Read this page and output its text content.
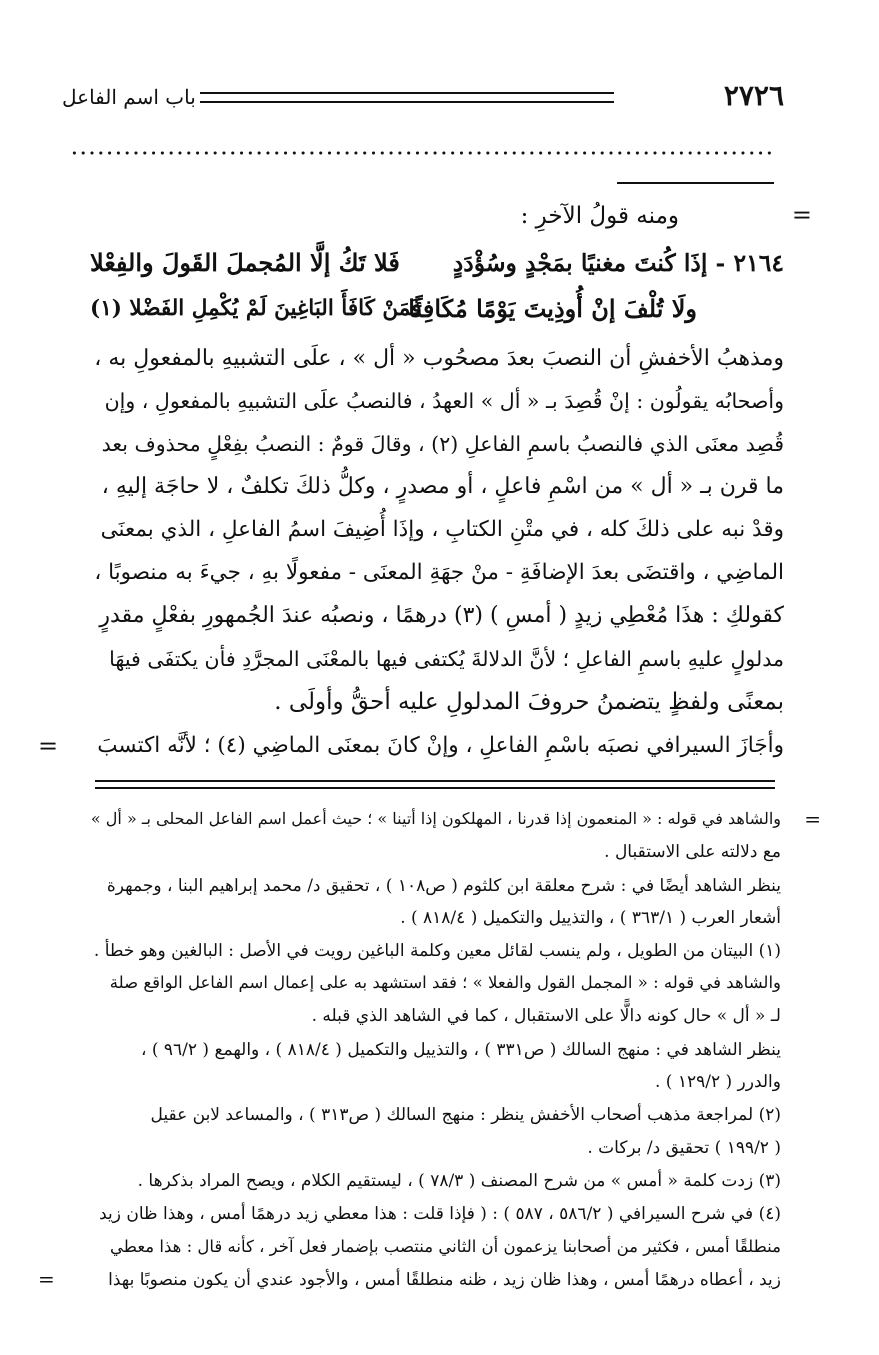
٢٧٢٦
باب اسم الفاعل
=
ومنه قولُ الآخرِ :
٢١٦٤ - إذَا كُنتَ مغنيًا بمَجْدٍ وسُؤْدَدٍ
فَلا تَكُ إلَّا المُجملَ القَولَ والفِعْلا
ولَا تُلْفَ إنْ أُوذِيتَ يَوْمًا مُكَافِئًا
فَمَنْ كَافَأَ البَاغِينَ لَمْ يُكْمِلِ الفَضْلا (١)
ومذهبُ الأخفشِ أن النصبَ بعدَ مصحُوب « أل » ، علَى التشبيهِ بالمفعولِ به ،
وأصحابُه يقولُون : إنْ قُصِدَ بـ « أل » العهدُ ، فالنصبُ علَى التشبيهِ بالمفعولِ ، وإن
قُصِد معنَى الذي فالنصبُ باسمِ الفاعلِ (٢) ، وقالَ قومٌ : النصبُ بفِعْلٍ محذوف بعد
ما قرن بـ « أل » من اسْمِ فاعلٍ ، أو مصدرٍ ، وكلُّ ذلكَ تكلفٌ ، لا حاجَة إليهِ ،
وقدْ نبه على ذلكَ كله ، في متْنِ الكتابِ ، وإذَا أُضِيفَ اسمُ الفاعلِ ، الذي بمعنَى
الماضِي ، واقتضَى بعدَ الإضافَةِ - منْ جهَةِ المعنَى - مفعولًا بهِ ، جيءَ به منصوبًا ،
كقولكِ : هذَا مُعْطِي زيدٍ ( أمسِ ) (٣) درهمًا ، ونصبُه عندَ الجُمهورِ بفعْلٍ مقدرٍ
مدلولٍ عليهِ باسمِ الفاعلِ ؛ لأنَّ الدلالةَ يُكتفى فيها بالمعْنَى المجرَّدِ فأن يكتفَى فيهَا
بمعنًى ولفظٍ يتضمنُ حروفَ المدلولِ عليه أحقُّ وأولَى .
وأجَازَ السيرافي نصبَه باسْمِ الفاعلِ ، وإنْ كانَ بمعنَى الماضِي (٤) ؛ لأنَّه اكتسبَ
=
=
والشاهد في قوله : « المنعمون إذا قدرنا ، المهلكون إذا أتينا » ؛ حيث أعمل اسم الفاعل المحلى بـ « أل »
مع دلالته على الاستقبال .
ينظر الشاهد أيضًا في : شرح معلقة ابن كلثوم ( ص١٠٨ ) ، تحقيق د/ محمد إبراهيم البنا ، وجمهرة
أشعار العرب ( ٣٦٣/١ ) ، والتذييل والتكميل ( ٨١٨/٤ ) .
(١) البيتان من الطويل ، ولم ينسب لقائل معين وكلمة الباغين رويت في الأصل : البالغين وهو خطأ .
والشاهد في قوله : « المجمل القول والفعلا » ؛ فقد استشهد به على إعمال اسم الفاعل الواقع صلة
لـ « أل » حال كونه دالًّا على الاستقبال ، كما في الشاهد الذي قبله .
ينظر الشاهد في : منهج السالك ( ص٣٣١ ) ، والتذييل والتكميل ( ٨١٨/٤ ) ، والهمع ( ٩٦/٢ ) ،
والدرر ( ١٢٩/٢ ) .
(٢) لمراجعة مذهب أصحاب الأخفش ينظر : منهج السالك ( ص٣١٣ ) ، والمساعد لابن عقيل
( ١٩٩/٢ ) تحقيق د/ بركات .
(٣) زدت كلمة « أمس » من شرح المصنف ( ٧٨/٣ ) ، ليستقيم الكلام ، ويصح المراد بذكرها .
(٤) في شرح السيرافي ( ٥٨٦/٢ ، ٥٨٧ ) : ( فإذا قلت : هذا معطي زيد درهمًا أمس ، وهذا ظان زيد
منطلقًا أمس ، فكثير من أصحابنا يزعمون أن الثاني منتصب بإضمار فعل آخر ، كأنه قال : هذا معطي
زيد ، أعطاه درهمًا أمس ، وهذا ظان زيد ، ظنه منطلقًا أمس ، والأجود عندي أن يكون منصوبًا بهذا
=
